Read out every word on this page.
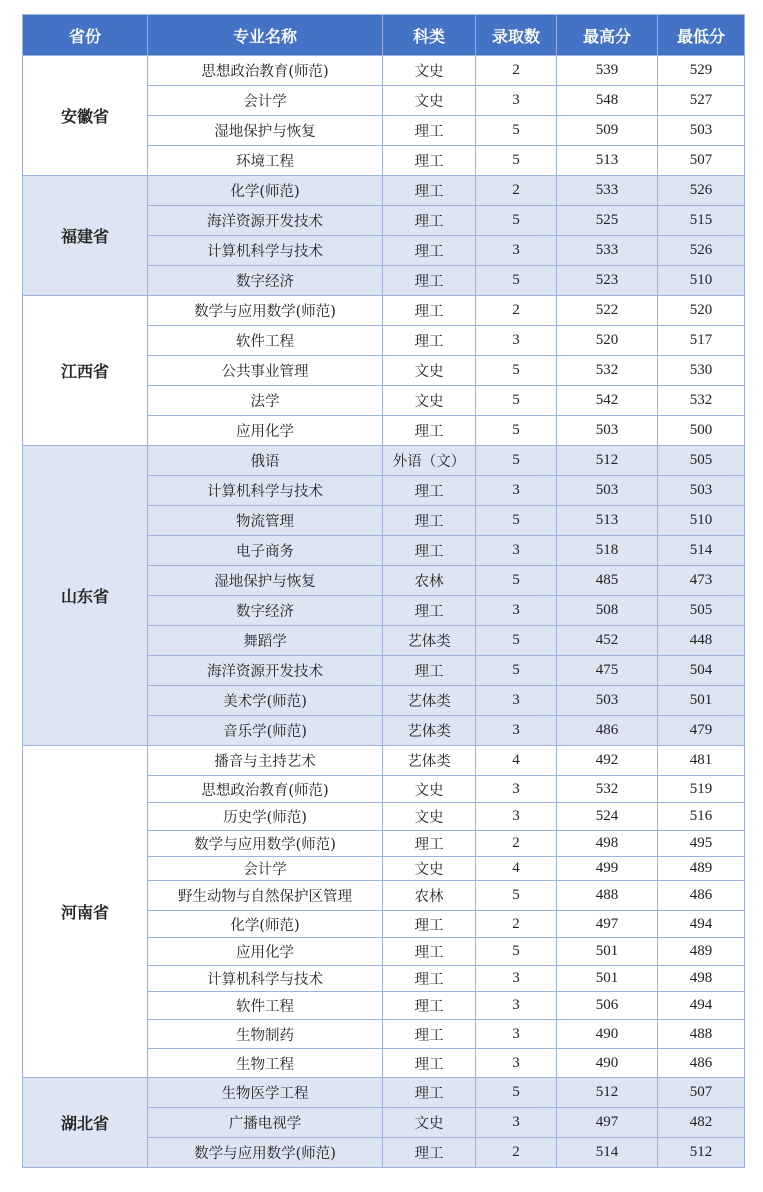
省份	专业名称	科类	录取数	最高分	最低分
安徽省	思想政治教育(师范)	文史	2	539	529
	会计学	文史	3	548	527
	湿地保护与恢复	理工	5	509	503
	环境工程	理工	5	513	507
福建省	化学(师范)	理工	2	533	526
	海洋资源开发技术	理工	5	525	515
	计算机科学与技术	理工	3	533	526
	数字经济	理工	5	523	510
江西省	数学与应用数学(师范)	理工	2	522	520
	软件工程	理工	3	520	517
	公共事业管理	文史	5	532	530
	法学	文史	5	542	532
	应用化学	理工	5	503	500
山东省	俄语	外语（文）	5	512	505
	计算机科学与技术	理工	3	503	503
	物流管理	理工	5	513	510
	电子商务	理工	3	518	514
	湿地保护与恢复	农林	5	485	473
	数字经济	理工	3	508	505
	舞蹈学	艺体类	5	452	448
	海洋资源开发技术	理工	5	475	504
	美术学(师范)	艺体类	3	503	501
	音乐学(师范)	艺体类	3	486	479
河南省	播音与主持艺术	艺体类	4	492	481
	思想政治教育(师范)	文史	3	532	519
	历史学(师范)	文史	3	524	516
	数学与应用数学(师范)	理工	2	498	495
	会计学	文史	4	499	489
	野生动物与自然保护区管理	农林	5	488	486
	化学(师范)	理工	2	497	494
	应用化学	理工	5	501	489
	计算机科学与技术	理工	3	501	498
	软件工程	理工	3	506	494
	生物制药	理工	3	490	488
	生物工程	理工	3	490	486
湖北省	生物医学工程	理工	5	512	507
	广播电视学	文史	3	497	482
	数学与应用数学(师范)	理工	2	514	512
